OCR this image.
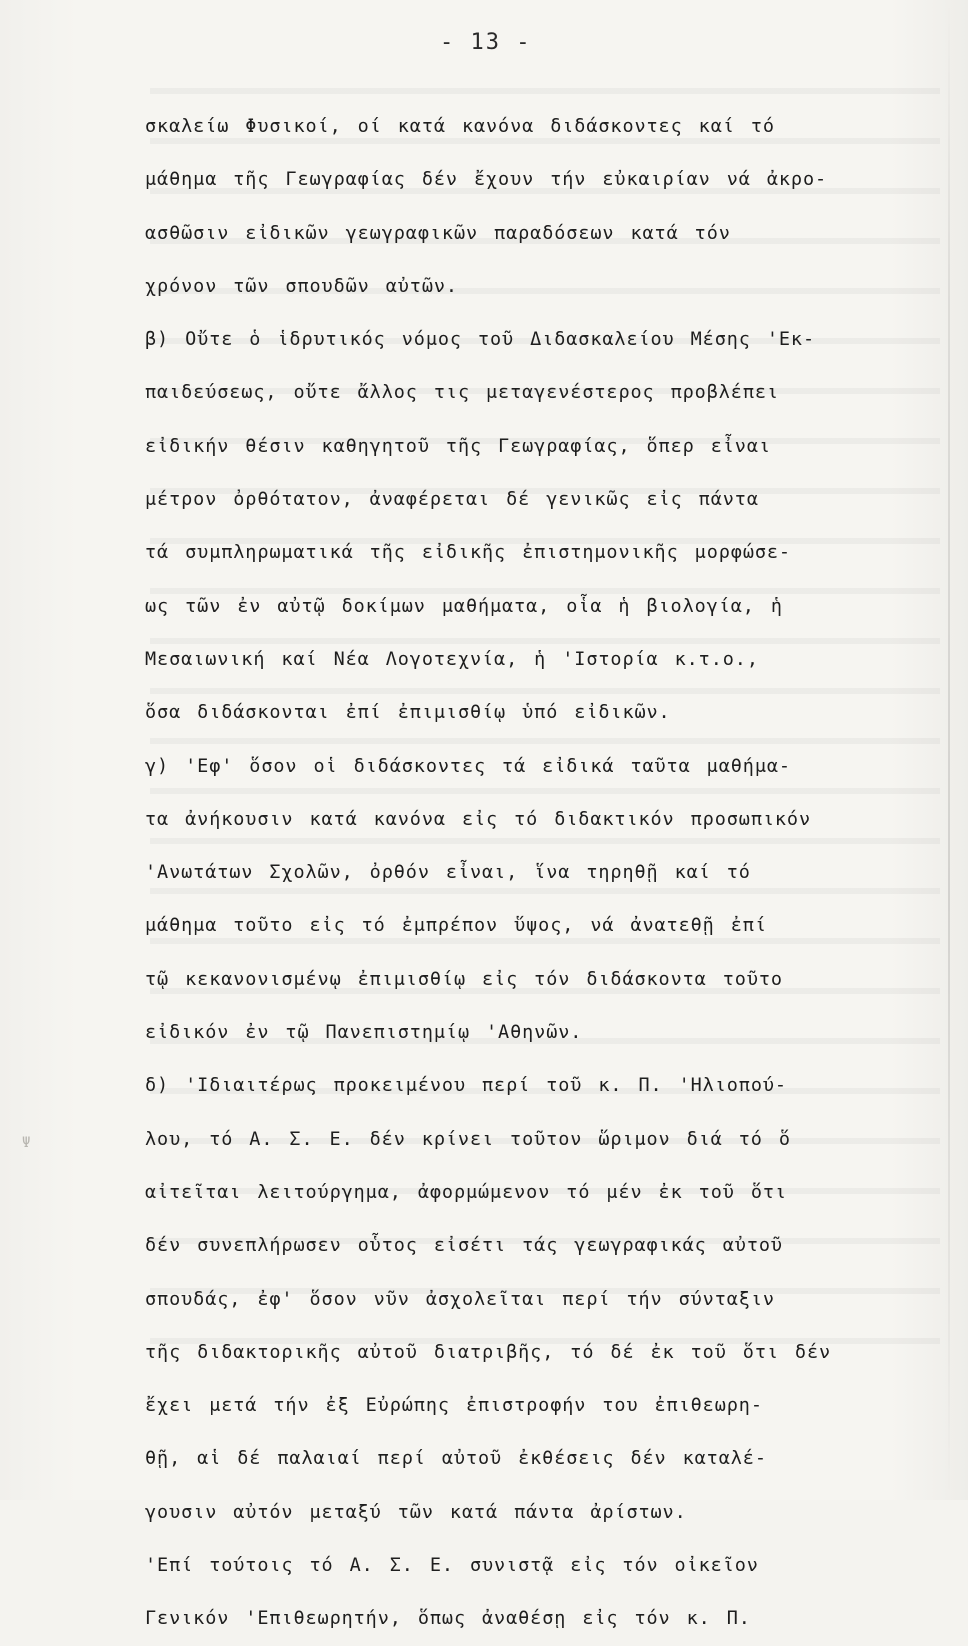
- 13 -
Ψ
σκαλείω Φυσικοί, οί κατά κανόνα διδάσκοντες καί τό
μάθημα τῆς Γεωγραφίας δέν ἔχουν τήν εὐκαιρίαν νά ἀκρο-
ασθῶσιν εἰδικῶν γεωγραφικῶν παραδόσεων κατά τόν
χρόνον τῶν σπουδῶν αὐτῶν.
β) Οὔτε ὁ ἱδρυτικός νόμος τοῦ Διδασκαλείου Μέσης 'Εκ-
παιδεύσεως, οὔτε ἄλλος τις μεταγενέστερος προβλέπει
εἰδικήν θέσιν καθηγητοῦ τῆς Γεωγραφίας, ὅπερ εἶναι
μέτρον ὀρθότατον, ἀναφέρεται δέ γενικῶς εἰς πάντα
τά συμπληρωματικά τῆς εἰδικῆς ἐπιστημονικῆς μορφώσε-
ως τῶν ἐν αὐτῷ δοκίμων μαθήματα, οἷα ἡ βιολογία, ἡ
Μεσαιωνική καί Νέα Λογοτεχνία, ἡ 'Ιστορία κ.τ.ο.,
ὅσα διδάσκονται ἐπί ἐπιμισθίῳ ὑπό εἰδικῶν.
γ) 'Εφ' ὅσον οἱ διδάσκοντες τά εἰδικά ταῦτα μαθήμα-
τα ἀνήκουσιν κατά κανόνα εἰς τό διδακτικόν προσωπικόν
'Ανωτάτων Σχολῶν, ὀρθόν εἶναι, ἵνα τηρηθῇ καί τό
μάθημα τοῦτο εἰς τό ἐμπρέπον ὕψος, νά ἀνατεθῇ ἐπί
τῷ κεκανονισμένῳ ἐπιμισθίῳ εἰς τόν διδάσκοντα τοῦτο
εἰδικόν ἐν τῷ Πανεπιστημίῳ 'Αθηνῶν.
δ) 'Ιδιαιτέρως προκειμένου περί τοῦ κ. Π. 'Ηλιοπού-
λου, τό Α. Σ. Ε. δέν κρίνει τοῦτον ὥριμον διά τό ὅ
αἰτεῖται λειτούργημα, ἀφορμώμενον τό μέν ἐκ τοῦ ὅτι
δέν συνεπλήρωσεν οὗτος εἰσέτι τάς γεωγραφικάς αὐτοῦ
σπουδάς, ἐφ' ὅσον νῦν ἀσχολεῖται περί τήν σύνταξιν
τῆς διδακτορικῆς αὐτοῦ διατριβῆς, τό δέ ἐκ τοῦ ὅτι δέν
ἔχει μετά τήν ἐξ Εὐρώπης ἐπιστροφήν του ἐπιθεωρη-
θῇ, αἱ δέ παλαιαί περί αὐτοῦ ἐκθέσεις δέν καταλέ-
γουσιν αὐτόν μεταξύ τῶν κατά πάντα ἀρίστων.
'Επί τούτοις τό Α. Σ. Ε. συνιστᾷ εἰς τόν οἰκεῖον
Γενικόν 'Επιθεωρητήν, ὅπως ἀναθέσῃ εἰς τόν κ. Π.
